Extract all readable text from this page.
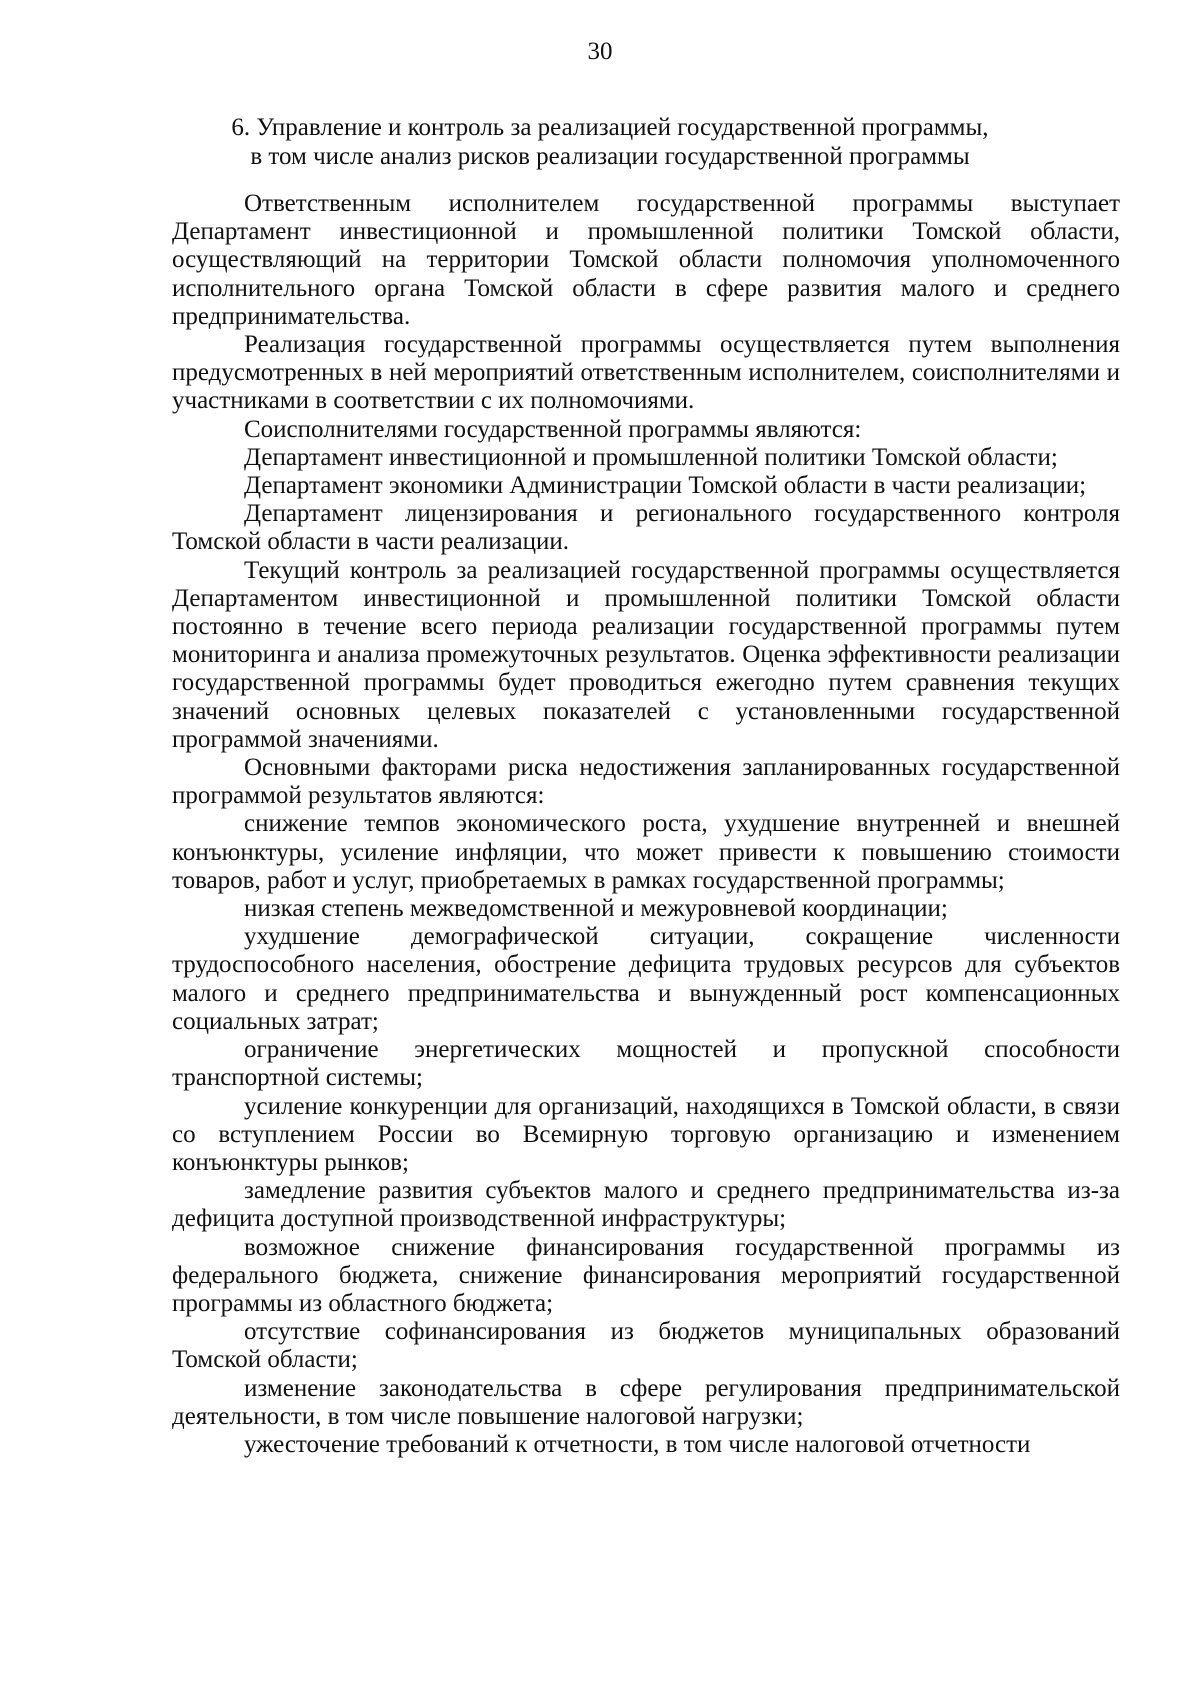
30
6. Управление и контроль за реализацией государственной программы,
в том числе анализ рисков реализации государственной программы

Ответственным исполнителем государственной программы выступает Департамент инвестиционной и промышленной политики Томской области, осуществляющий на территории Томской области полномочия уполномоченного исполнительного органа Томской области в сфере развития малого и среднего предпринимательства.

Реализация государственной программы осуществляется путем выполнения предусмотренных в ней мероприятий ответственным исполнителем, соисполнителями и участниками в соответствии с их полномочиями.

Соисполнителями государственной программы являются:

Департамент инвестиционной и промышленной политики Томской области;

Департамент экономики Администрации Томской области в части реализации;

Департамент лицензирования и регионального государственного контроля Томской области в части реализации.

Текущий контроль за реализацией государственной программы осуществляется Департаментом инвестиционной и промышленной политики Томской области постоянно в течение всего периода реализации государственной программы путем мониторинга и анализа промежуточных результатов. Оценка эффективности реализации государственной программы будет проводиться ежегодно путем сравнения текущих значений основных целевых показателей с установленными государственной программой значениями.

Основными факторами риска недостижения запланированных государственной программой результатов являются:

снижение темпов экономического роста, ухудшение внутренней и внешней конъюнктуры, усиление инфляции, что может привести к повышению стоимости товаров, работ и услуг, приобретаемых в рамках государственной программы;

низкая степень межведомственной и межуровневой координации;

ухудшение демографической ситуации, сокращение численности трудоспособного населения, обострение дефицита трудовых ресурсов для субъектов малого и среднего предпринимательства и вынужденный рост компенсационных социальных затрат;

ограничение энергетических мощностей и пропускной способности транспортной системы;

усиление конкуренции для организаций, находящихся в Томской области, в связи со вступлением России во Всемирную торговую организацию и изменением конъюнктуры рынков;

замедление развития субъектов малого и среднего предпринимательства из-за дефицита доступной производственной инфраструктуры;

возможное снижение финансирования государственной программы из федерального бюджета, снижение финансирования мероприятий государственной программы из областного бюджета;

отсутствие софинансирования из бюджетов муниципальных образований Томской области;

изменение законодательства в сфере регулирования предпринимательской деятельности, в том числе повышение налоговой нагрузки;

ужесточение требований к отчетности, в том числе налоговой отчетности
